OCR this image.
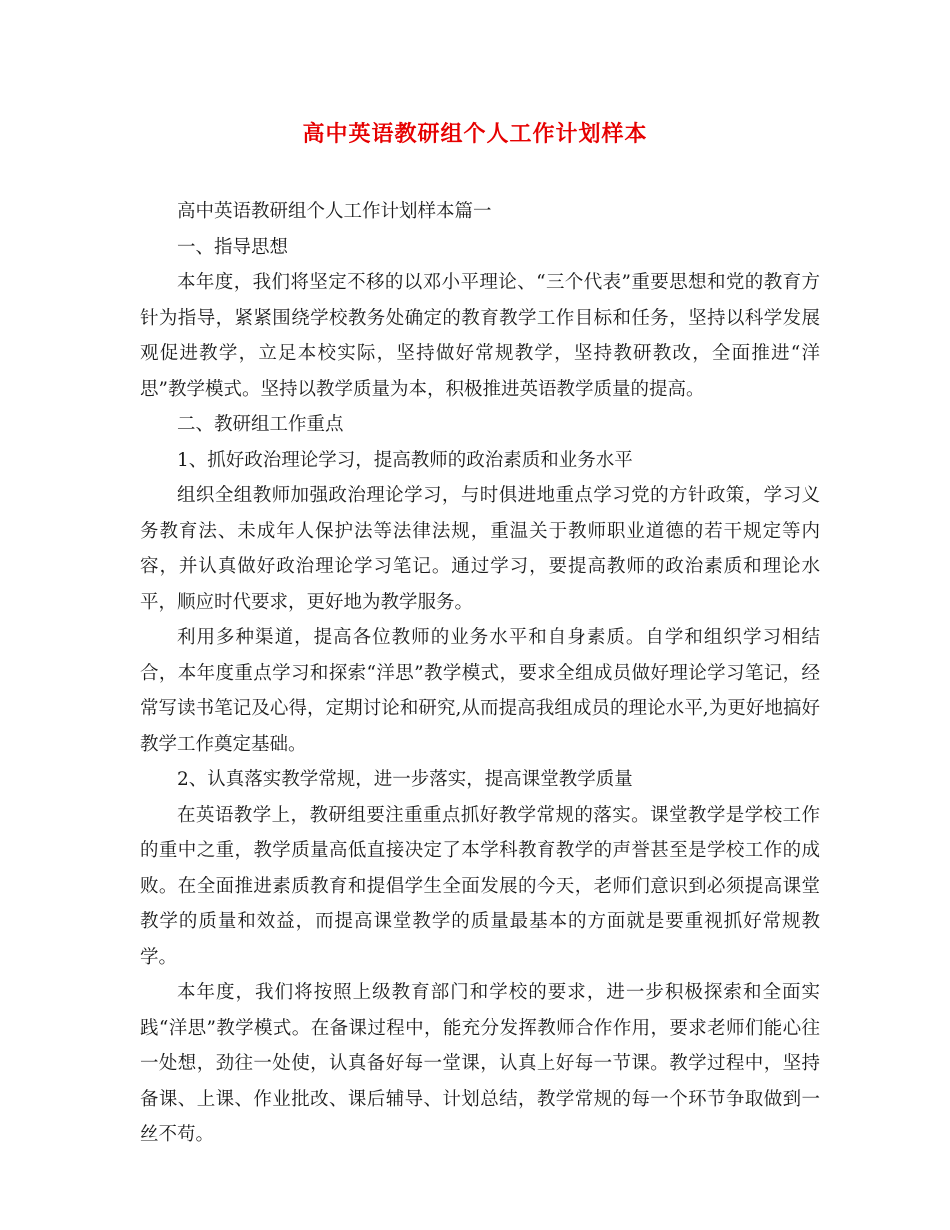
高中英语教研组个人工作计划样本

高中英语教研组个人工作计划样本篇一

一、指导思想

本年度，我们将坚定不移的以邓小平理论、“三个代表”重要思想和党的教育方针为指导，紧紧围绕学校教务处确定的教育教学工作目标和任务，坚持以科学发展观促进教学，立足本校实际，坚持做好常规教学，坚持教研教改，全面推进“洋思”教学模式。坚持以教学质量为本，积极推进英语教学质量的提高。

二、教研组工作重点

1、抓好政治理论学习，提高教师的政治素质和业务水平

组织全组教师加强政治理论学习，与时俱进地重点学习党的方针政策，学习义务教育法、未成年人保护法等法律法规，重温关于教师职业道德的若干规定等内容，并认真做好政治理论学习笔记。通过学习，要提高教师的政治素质和理论水平，顺应时代要求，更好地为教学服务。

利用多种渠道，提高各位教师的业务水平和自身素质。自学和组织学习相结合，本年度重点学习和探索“洋思”教学模式，要求全组成员做好理论学习笔记，经常写读书笔记及心得，定期讨论和研究,从而提高我组成员的理论水平,为更好地搞好教学工作奠定基础。

2、认真落实教学常规，进一步落实，提高课堂教学质量

在英语教学上，教研组要注重重点抓好教学常规的落实。课堂教学是学校工作的重中之重，教学质量高低直接决定了本学科教育教学的声誉甚至是学校工作的成败。在全面推进素质教育和提倡学生全面发展的今天，老师们意识到必须提高课堂教学的质量和效益，而提高课堂教学的质量最基本的方面就是要重视抓好常规教学。

本年度，我们将按照上级教育部门和学校的要求，进一步积极探索和全面实践“洋思”教学模式。在备课过程中，能充分发挥教师合作作用，要求老师们能心往一处想，劲往一处使，认真备好每一堂课，认真上好每一节课。教学过程中，坚持备课、上课、作业批改、课后辅导、计划总结，教学常规的每一个环节争取做到一丝不苟。
